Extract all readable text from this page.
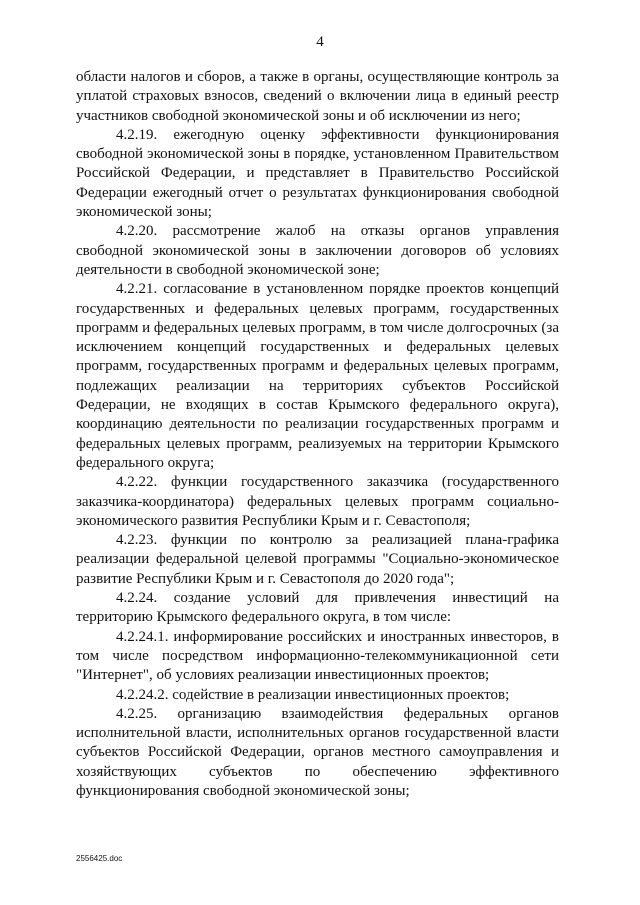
4

области налогов и сборов, а также в органы, осуществляющие контроль за уплатой страховых взносов, сведений о включении лица в единый реестр участников свободной экономической зоны и об исключении из него;

4.2.19. ежегодную оценку эффективности функционирования свободной экономической зоны в порядке, установленном Правительством Российской Федерации, и представляет в Правительство Российской Федерации ежегодный отчет о результатах функционирования свободной экономической зоны;

4.2.20. рассмотрение жалоб на отказы органов управления свободной экономической зоны в заключении договоров об условиях деятельности в свободной экономической зоне;

4.2.21. согласование в установленном порядке проектов концепций государственных и федеральных целевых программ, государственных программ и федеральных целевых программ, в том числе долгосрочных (за исключением концепций государственных и федеральных целевых программ, государственных программ и федеральных целевых программ, подлежащих реализации на территориях субъектов Российской Федерации, не входящих в состав Крымского федерального округа), координацию деятельности по реализации государственных программ и федеральных целевых программ, реализуемых на территории Крымского федерального округа;

4.2.22. функции государственного заказчика (государственного заказчика-координатора) федеральных целевых программ социально-экономического развития Республики Крым и г. Севастополя;

4.2.23. функции по контролю за реализацией плана-графика реализации федеральной целевой программы "Социально-экономическое развитие Республики Крым и г. Севастополя до 2020 года";

4.2.24. создание условий для привлечения инвестиций на территорию Крымского федерального округа, в том числе:

4.2.24.1. информирование российских и иностранных инвесторов, в том числе посредством информационно-телекоммуникационной сети "Интернет", об условиях реализации инвестиционных проектов;

4.2.24.2. содействие в реализации инвестиционных проектов;

4.2.25. организацию взаимодействия федеральных органов исполнительной власти, исполнительных органов государственной власти субъектов Российской Федерации, органов местного самоуправления и хозяйствующих субъектов по обеспечению эффективного функционирования свободной экономической зоны;

2556425.doc
